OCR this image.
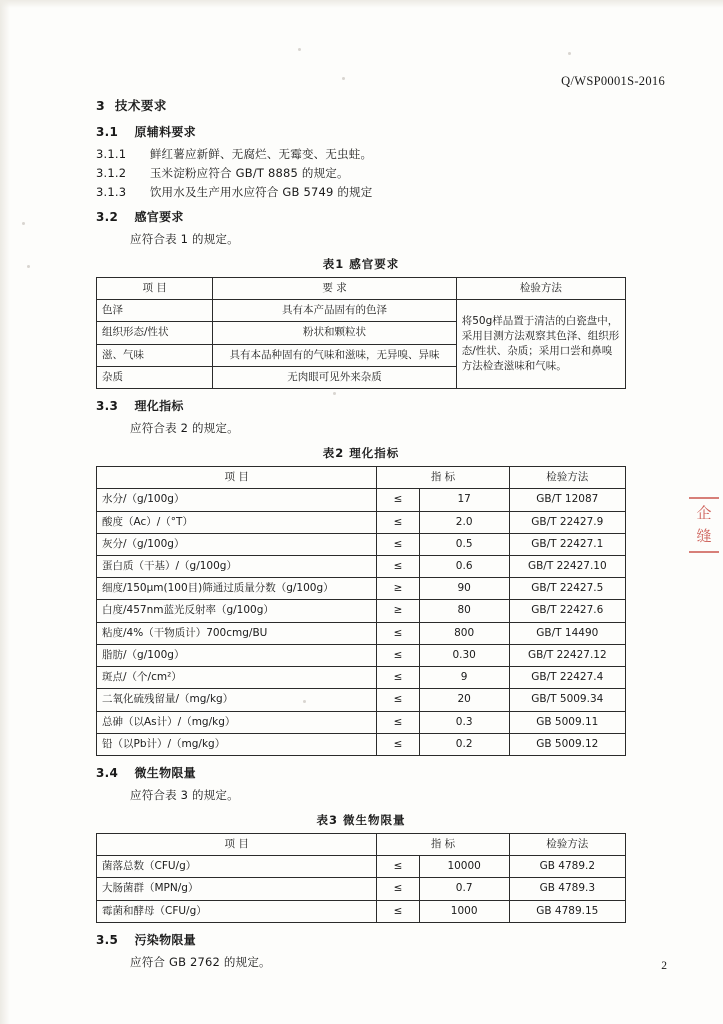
Q/WSP0001S-2016
企
缝
3 技术要求
3.1 原辅料要求
3.1.1 鲜红薯应新鲜、无腐烂、无霉变、无虫蛀。
3.1.2 玉米淀粉应符合 GB/T 8885 的规定。
3.1.3 饮用水及生产用水应符合 GB 5749 的规定
3.2 感官要求
应符合表 1 的规定。
表1 感官要求
项 目	要 求	检验方法
色泽	具有本产品固有的色泽	将50g样品置于清洁的白瓷盘中，采用目测方法观察其色泽、组织形态/性状、杂质；采用口尝和鼻嗅方法检查滋味和气味。
组织形态/性状	粉状和颗粒状	
滋、气味	具有本品种固有的气味和滋味，无异嗅、异味	
杂质	无肉眼可见外来杂质	
3.3 理化指标
应符合表 2 的规定。
表2 理化指标
项 目	指 标		检验方法
水分/（g/100g）	≤	17	GB/T 12087
酸度（Ac）/（°T）	≤	2.0	GB/T 22427.9
灰分/（g/100g）	≤	0.5	GB/T 22427.1
蛋白质（干基）/（g/100g）	≤	0.6	GB/T 22427.10
细度/150μm(100目)筛通过质量分数（g/100g）	≥	90	GB/T 22427.5
白度/457nm蓝光反射率（g/100g）	≥	80	GB/T 22427.6
粘度/4%（干物质计）700cmg/BU	≤	800	GB/T 14490
脂肪/（g/100g）	≤	0.30	GB/T 22427.12
斑点/（个/cm²）	≤	9	GB/T 22427.4
二氧化硫残留量/（mg/kg）	≤	20	GB/T 5009.34
总砷（以As计）/（mg/kg）	≤	0.3	GB 5009.11
铅（以Pb计）/（mg/kg）	≤	0.2	GB 5009.12
3.4 微生物限量
应符合表 3 的规定。
表3 微生物限量
项 目	指 标		检验方法
菌落总数（CFU/g）	≤	10000	GB 4789.2
大肠菌群（MPN/g）	≤	0.7	GB 4789.3
霉菌和酵母（CFU/g）	≤	1000	GB 4789.15
3.5 污染物限量
应符合 GB 2762 的规定。	2
